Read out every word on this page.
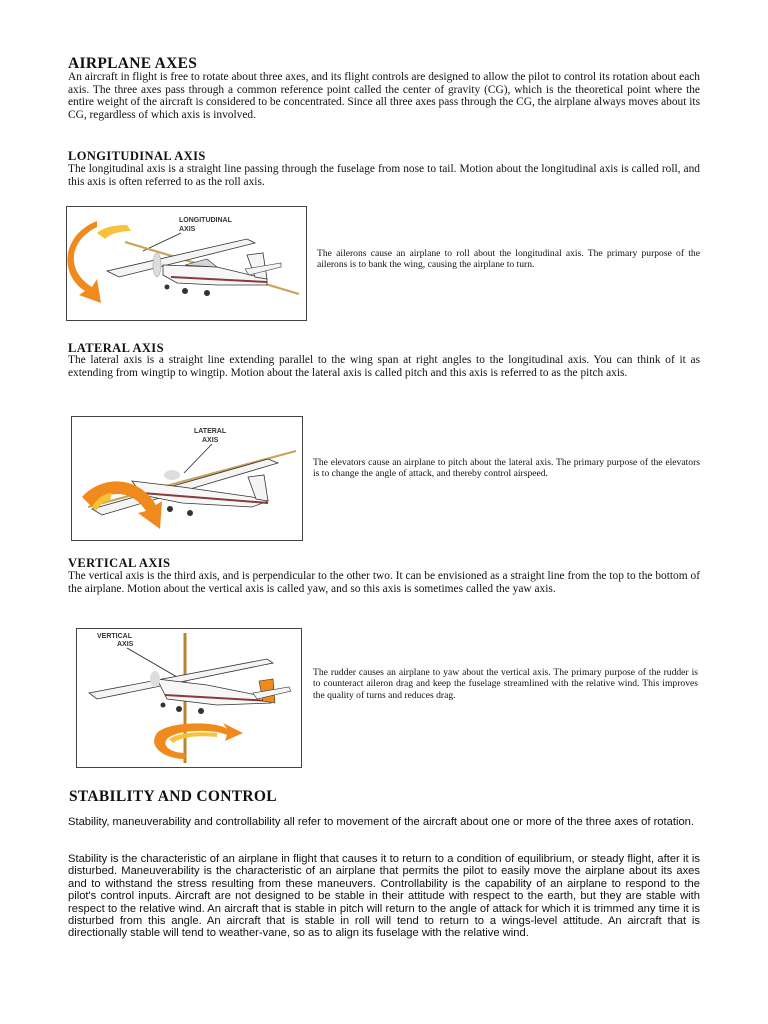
AIRPLANE AXES
An aircraft in flight is free to rotate about three axes, and its flight controls are designed to allow the pilot to control its rotation about each axis. The three axes pass through a common reference point called the center of gravity (CG), which is the theoretical point where the entire weight of the aircraft is considered to be concentrated. Since all three axes pass through the CG, the airplane always moves about its CG, regardless of which axis is involved.
LONGITUDINAL AXIS
The longitudinal axis is a straight line passing through the fuselage from nose to tail. Motion about the longitudinal axis is called roll, and this axis is often referred to as the roll axis.
LONGITUDINAL
AXIS
The ailerons cause an airplane to roll about the longitudinal axis. The primary purpose of the ailerons is to bank the wing, causing the airplane to turn.
LATERAL AXIS
The lateral axis is a straight line extending parallel to the wing span at right angles to the longitudinal axis. You can think of it as extending from wingtip to wingtip. Motion about the lateral axis is called pitch and this axis is referred to as the pitch axis.
LATERAL
AXIS
The elevators cause an airplane to pitch about the lateral axis. The primary purpose of the elevators is to change the angle of attack, and thereby control airspeed.
VERTICAL AXIS
The vertical axis is the third axis, and is perpendicular to the other two. It can be envisioned as a straight line from the top to the bottom of the airplane. Motion about the vertical axis is called yaw, and so this axis is sometimes called the yaw axis.
VERTICAL
AXIS
The rudder causes an airplane to yaw about the vertical axis. The primary purpose of the rudder is to counteract aileron drag and keep the fuselage streamlined with the relative wind. This improves the quality of turns and reduces drag.
STABILITY AND CONTROL
Stability, maneuverability and controllability all refer to movement of the aircraft about one or more of the three axes of rotation.
Stability is the characteristic of an airplane in flight that causes it to return to a condition of equilibrium, or steady flight, after it is disturbed. Maneuverability is the characteristic of an airplane that permits the pilot to easily move the airplane about its axes and to withstand the stress resulting from these maneuvers. Controllability is the capability of an airplane to respond to the pilot's control inputs. Aircraft are not designed to be stable in their attitude with respect to the earth, but they are stable with respect to the relative wind. An aircraft that is stable in pitch will return to the angle of attack for which it is trimmed any time it is disturbed from this angle. An aircraft that is stable in roll will tend to return to a wings-level attitude. An aircraft that is directionally stable will tend to weather-vane, so as to align its fuselage with the relative wind.
